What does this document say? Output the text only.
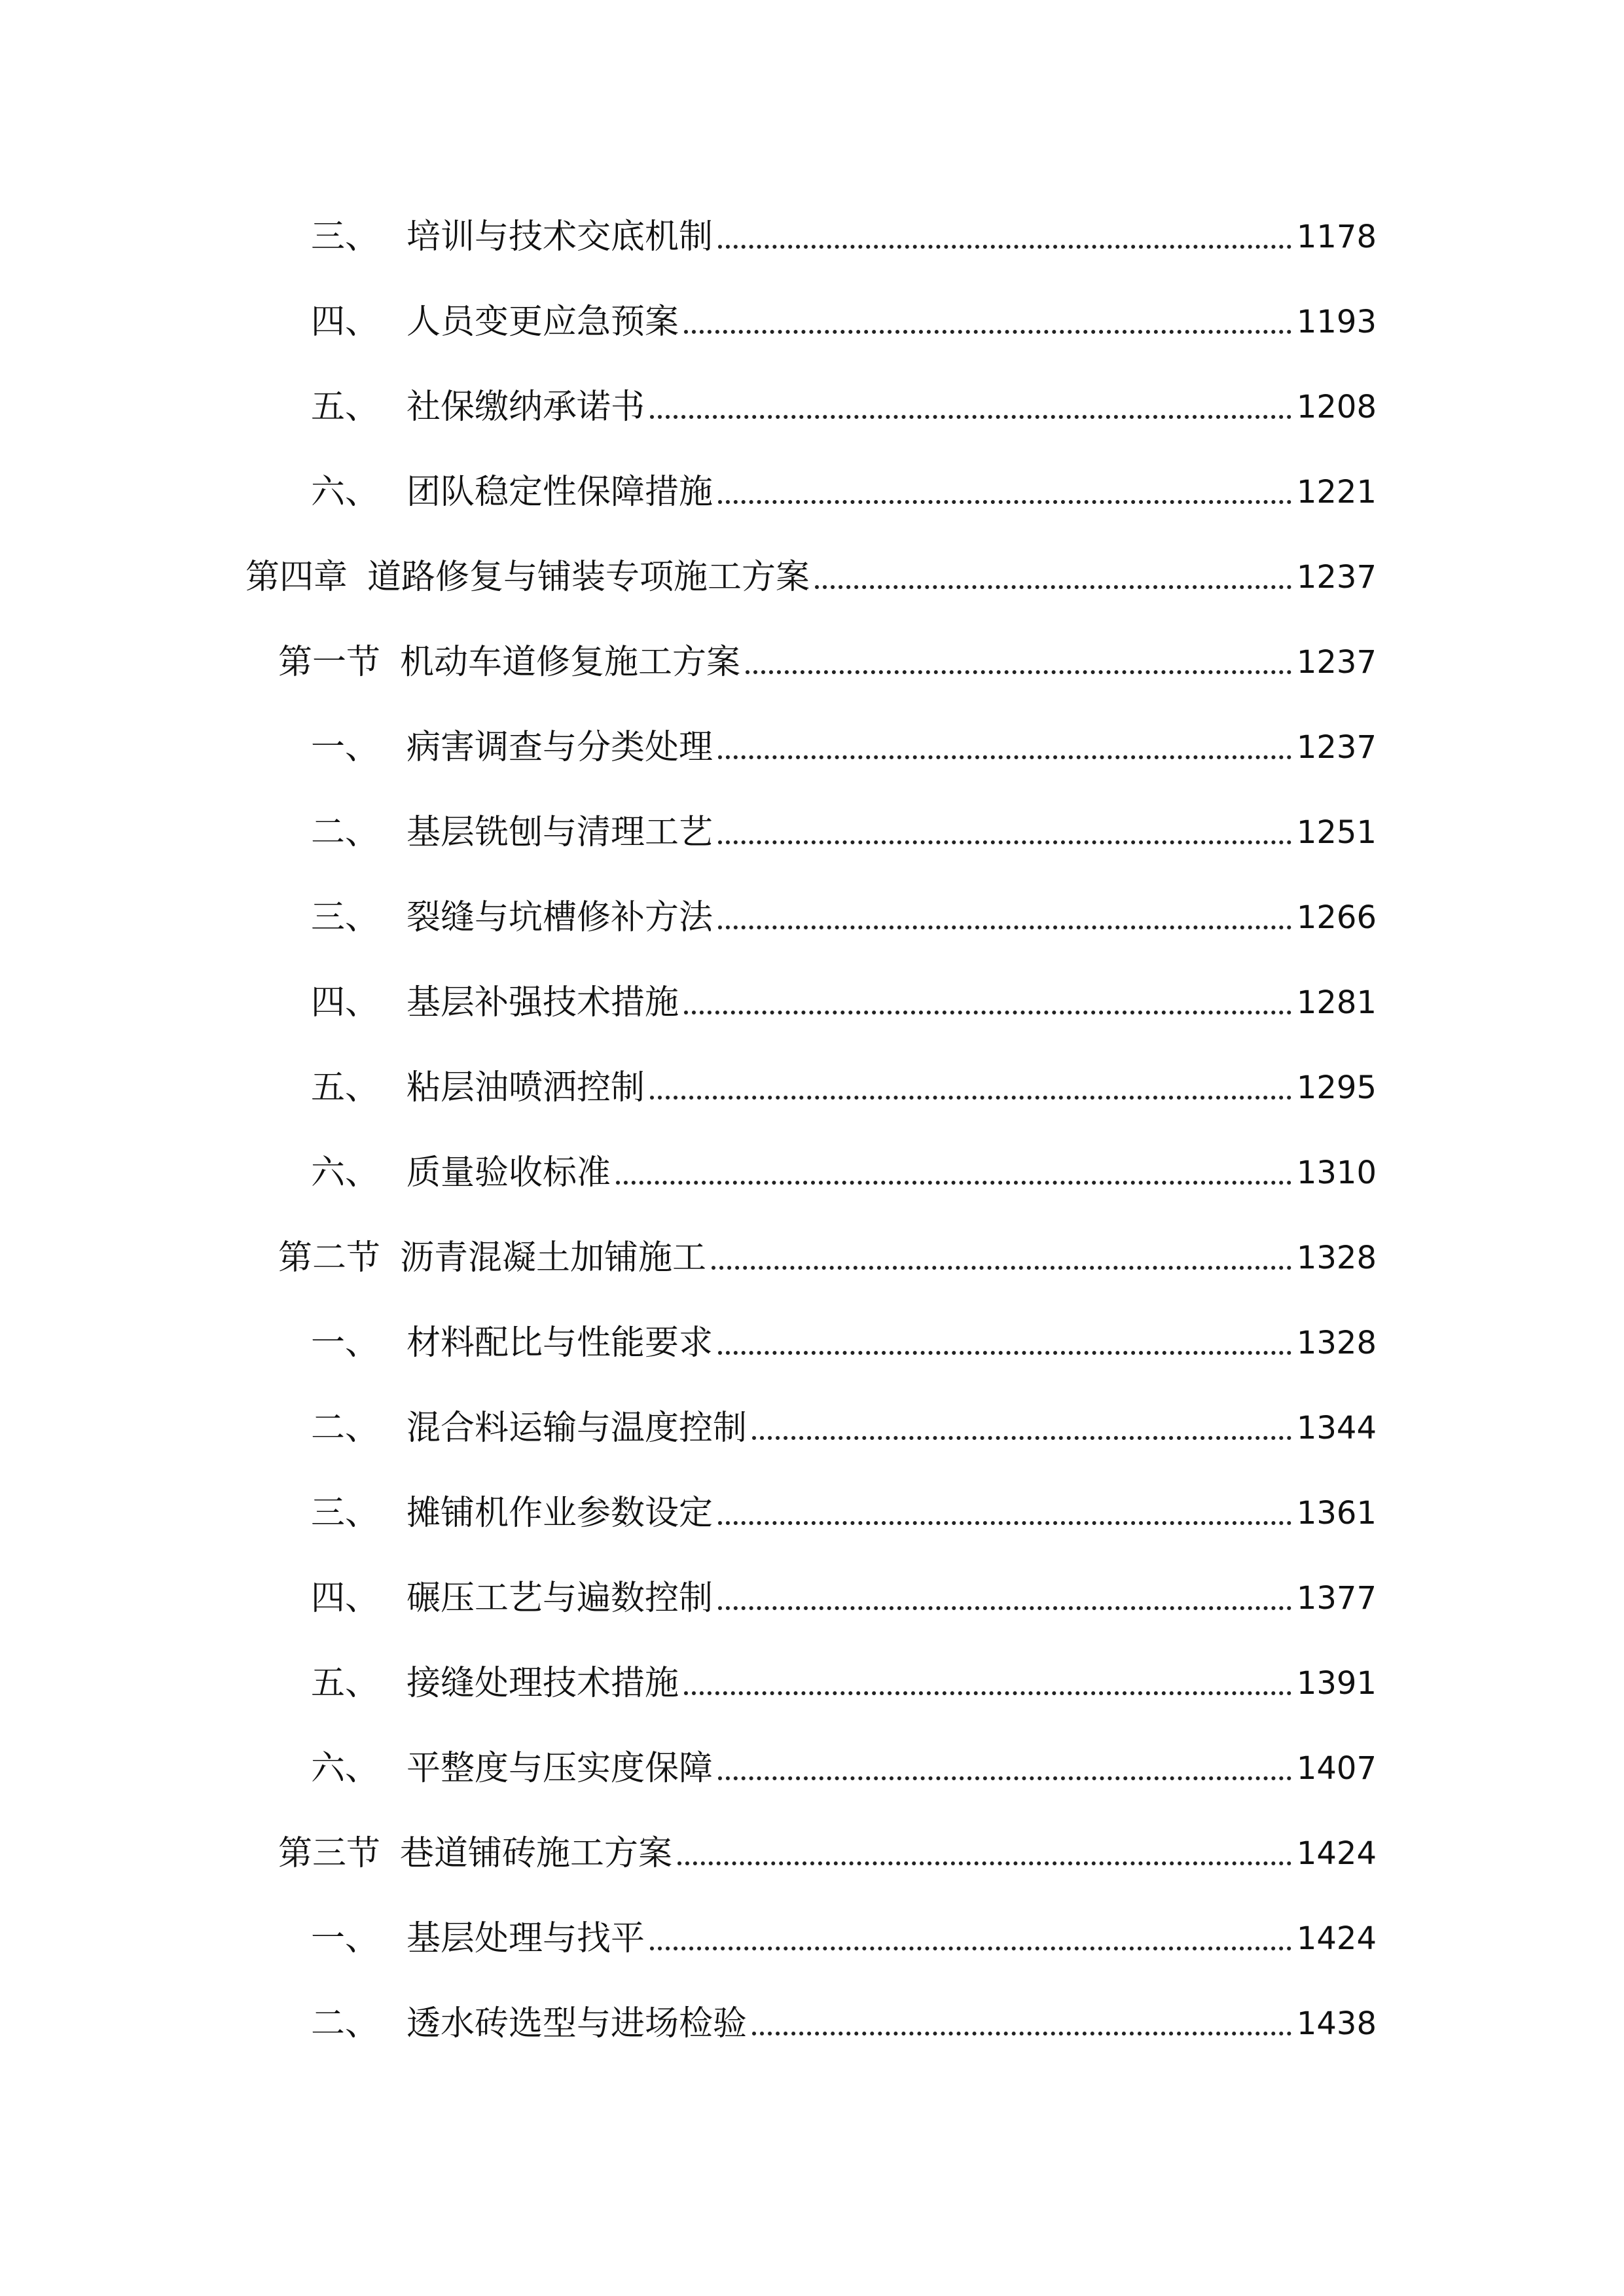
三、 培训与技术交底机制	1178
四、 人员变更应急预案	1193
五、 社保缴纳承诺书	1208
六、 团队稳定性保障措施	1221
第四章 道路修复与铺装专项施工方案	1237
第一节 机动车道修复施工方案	1237
一、 病害调查与分类处理	1237
二、 基层铣刨与清理工艺	1251
三、 裂缝与坑槽修补方法	1266
四、 基层补强技术措施	1281
五、 粘层油喷洒控制	1295
六、 质量验收标准	1310
第二节 沥青混凝土加铺施工	1328
一、 材料配比与性能要求	1328
二、 混合料运输与温度控制	1344
三、 摊铺机作业参数设定	1361
四、 碾压工艺与遍数控制	1377
五、 接缝处理技术措施	1391
六、 平整度与压实度保障	1407
第三节 巷道铺砖施工方案	1424
一、 基层处理与找平	1424
二、 透水砖选型与进场检验	1438
